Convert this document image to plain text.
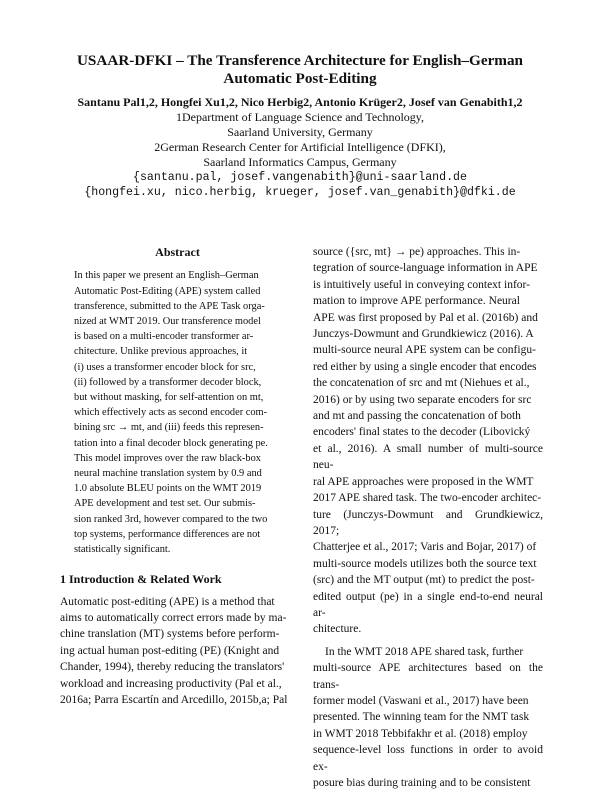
USAAR-DFKI – The Transference Architecture for English–German
Automatic Post-Editing
Santanu Pal1,2, Hongfei Xu1,2, Nico Herbig2, Antonio Krüger2, Josef van Genabith1,2
1Department of Language Science and Technology,
Saarland University, Germany
2German Research Center for Artificial Intelligence (DFKI),
Saarland Informatics Campus, Germany
{santanu.pal, josef.vangenabith}@uni-saarland.de
{hongfei.xu, nico.herbig, krueger, josef.van_genabith}@dfki.de
Abstract
In this paper we present an English–German
Automatic Post-Editing (APE) system called
transference, submitted to the APE Task orga-
nized at WMT 2019. Our transference model
is based on a multi-encoder transformer ar-
chitecture. Unlike previous approaches, it
(i) uses a transformer encoder block for src,
(ii) followed by a transformer decoder block,
but without masking, for self-attention on mt,
which effectively acts as second encoder com-
bining src → mt, and (iii) feeds this represen-
tation into a final decoder block generating pe.
This model improves over the raw black-box
neural machine translation system by 0.9 and
1.0 absolute BLEU points on the WMT 2019
APE development and test set. Our submis-
sion ranked 3rd, however compared to the two
top systems, performance differences are not
statistically significant.
1 Introduction & Related Work
Automatic post-editing (APE) is a method that
aims to automatically correct errors made by ma-
chine translation (MT) systems before perform-
ing actual human post-editing (PE) (Knight and
Chander, 1994), thereby reducing the translators'
workload and increasing productivity (Pal et al.,
2016a; Parra Escartín and Arcedillo, 2015b,a; Pal
source ({src, mt} → pe) approaches. This in-
tegration of source-language information in APE
is intuitively useful in conveying context infor-
mation to improve APE performance. Neural
APE was first proposed by Pal et al. (2016b) and
Junczys-Dowmunt and Grundkiewicz (2016). A
multi-source neural APE system can be configu-
red either by using a single encoder that encodes
the concatenation of src and mt (Niehues et al.,
2016) or by using two separate encoders for src
and mt and passing the concatenation of both
encoders' final states to the decoder (Libovický
et al., 2016). A small number of multi-source neu-
ral APE approaches were proposed in the WMT
2017 APE shared task. The two-encoder architec-
ture (Junczys-Dowmunt and Grundkiewicz, 2017;
Chatterjee et al., 2017; Varis and Bojar, 2017) of
multi-source models utilizes both the source text
(src) and the MT output (mt) to predict the post-
edited output (pe) in a single end-to-end neural ar-
chitecture.
In the WMT 2018 APE shared task, further
multi-source APE architectures based on the trans-
former model (Vaswani et al., 2017) have been
presented. The winning team for the NMT task
in WMT 2018 Tebbifakhr et al. (2018) employ
sequence-level loss functions in order to avoid ex-
posure bias during training and to be consistent
